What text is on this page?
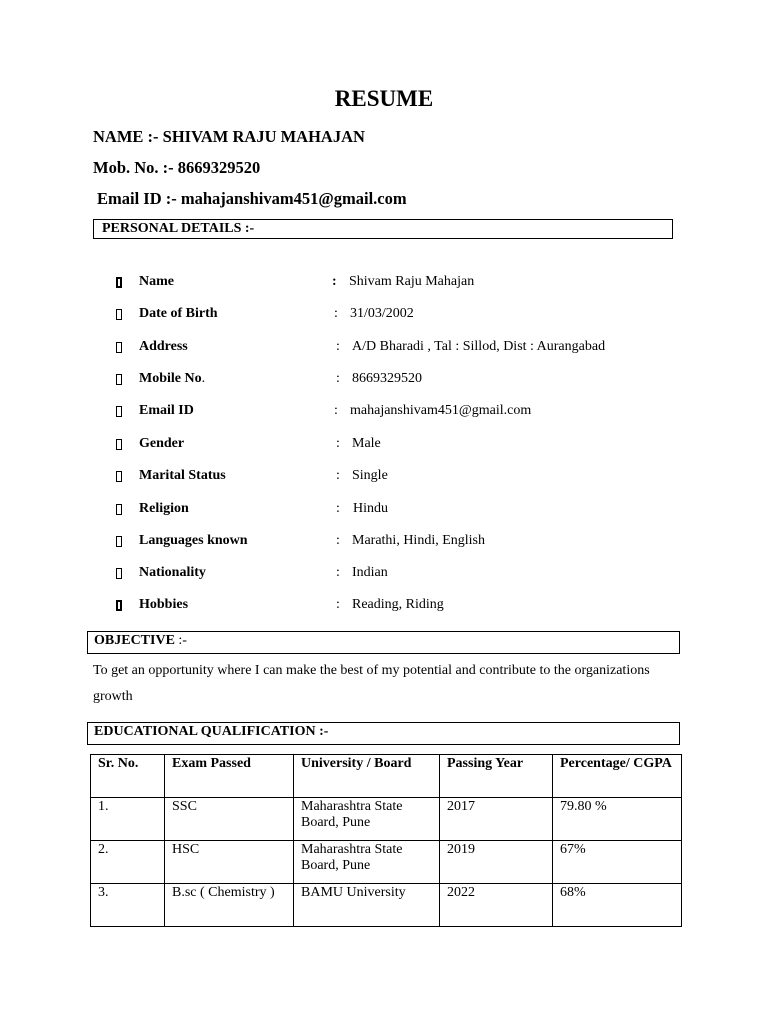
RESUME
NAME :- SHIVAM RAJU MAHAJAN
Mob. No. :- 8669329520
Email ID :- mahajanshivam451@gmail.com
PERSONAL DETAILS :-
Name	: Shivam Raju Mahajan
Date of Birth	: 31/03/2002
Address	: A/D Bharadi , Tal : Sillod, Dist : Aurangabad
Mobile No.	: 8669329520
Email ID	: mahajanshivam451@gmail.com
Gender	: Male
Marital Status	: Single
Religion	: Hindu
Languages known	: Marathi, Hindi, English
Nationality	: Indian
Hobbies	: Reading, Riding
OBJECTIVE :-
To get an opportunity where I can make the best of my potential and contribute to the organizations growth
EDUCATIONAL QUALIFICATION :-
Sr. No.	Exam Passed	University / Board	Passing Year	Percentage/ CGPA
1.	SSC	Maharashtra State Board, Pune	2017	79.80 %
2.	HSC	Maharashtra State Board, Pune	2019	67%
3.	B.sc ( Chemistry )	BAMU University	2022	68%
